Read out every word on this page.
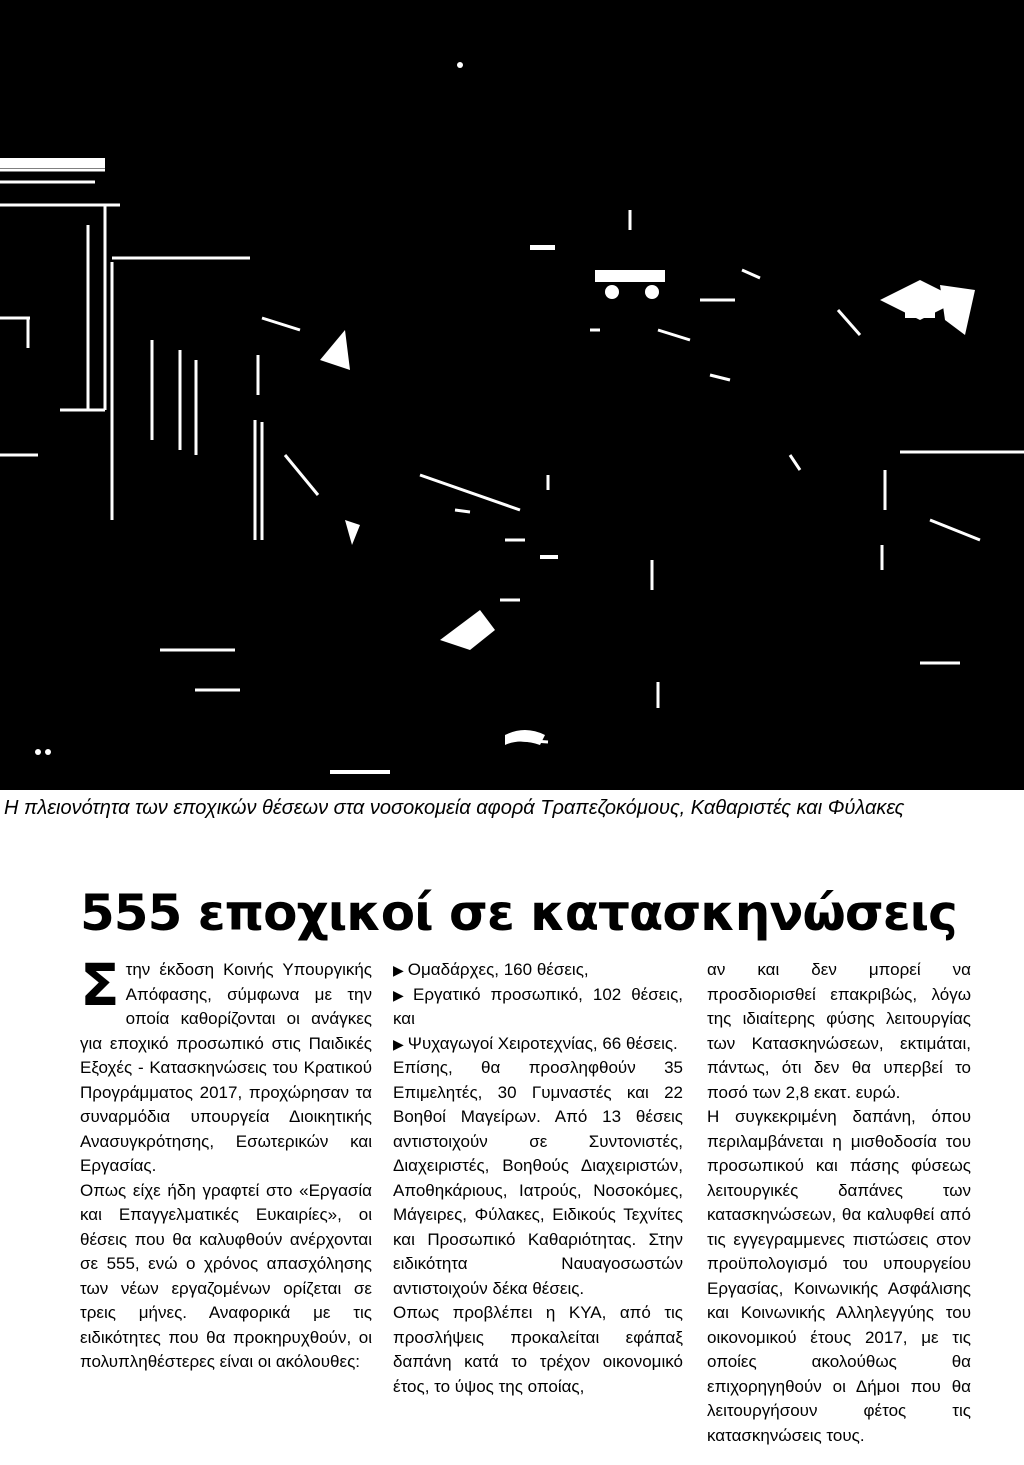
Η πλειονότητα των εποχικών θέσεων στα νοσοκομεία αφορά Τραπεζοκόμους, Καθαριστές και Φύλακες
555 εποχικοί σε κατασκηνώσεις

Στην έκδοση Κοινής Υπουργικής Απόφασης, σύμφωνα με την οποία καθορίζονται οι ανάγκες για εποχικό προσωπικό στις Παιδικές Εξοχές - Κατασκηνώσεις του Κρατικού Προγράμματος 2017, προχώρησαν τα συναρμόδια υπουργεία Διοικητικής Ανασυγκρότησης, Εσωτερικών και Εργασίας.

Οπως είχε ήδη γραφτεί στο «Εργασία και Επαγγελματικές Ευκαιρίες», οι θέσεις που θα καλυφθούν ανέρχονται σε 555, ενώ ο χρόνος απασχόλησης των νέων εργαζομένων ορίζεται σε τρεις μήνες. Αναφορικά με τις ειδικότητες που θα προκηρυχθούν, οι πολυπληθέστερες είναι οι ακόλουθες:

▶ Ομαδάρχες, 160 θέσεις,

▶ Εργατικό προσωπικό, 102 θέσεις, και

▶ Ψυχαγωγοί Χειροτεχνίας, 66 θέσεις.

Επίσης, θα προσληφθούν 35 Επιμελητές, 30 Γυμναστές και 22 Βοηθοί Μαγείρων. Από 13 θέσεις αντιστοιχούν σε Συντονιστές, Διαχειριστές, Βοηθούς Διαχειριστών, Αποθηκάριους, Ιατρούς, Νοσοκόμες, Μάγειρες, Φύλακες, Ειδικούς Τεχνίτες και Προσωπικό Καθαριότητας. Στην ειδικότητα Ναυαγοσωστών αντιστοιχούν δέκα θέσεις.

Οπως προβλέπει η ΚΥΑ, από τις προσλήψεις προκαλείται εφάπαξ δαπάνη κατά το τρέχον οικονομικό έτος, το ύψος της οποίας,

αν και δεν μπορεί να προσδιορισθεί επακριβώς, λόγω της ιδιαίτερης φύσης λειτουργίας των Κατασκηνώσεων, εκτιμάται, πάντως, ότι δεν θα υπερβεί το ποσό των 2,8 εκατ. ευρώ.

Η συγκεκριμένη δαπάνη, όπου περιλαμβάνεται η μισθοδοσία του προσωπικού και πάσης φύσεως λειτουργικές δαπάνες των κατασκηνώσεων, θα καλυφθεί από τις εγγεγραμμενες πιστώσεις στον προϋπολογισμό του υπουργείου Εργασίας, Κοινωνικής Ασφάλισης και Κοινωνικής Αλληλεγγύης του οικονομικού έτους 2017, με τις οποίες ακολούθως θα επιχορηγηθούν οι Δήμοι που θα λειτουργήσουν φέτος τις κατασκηνώσεις τους.
